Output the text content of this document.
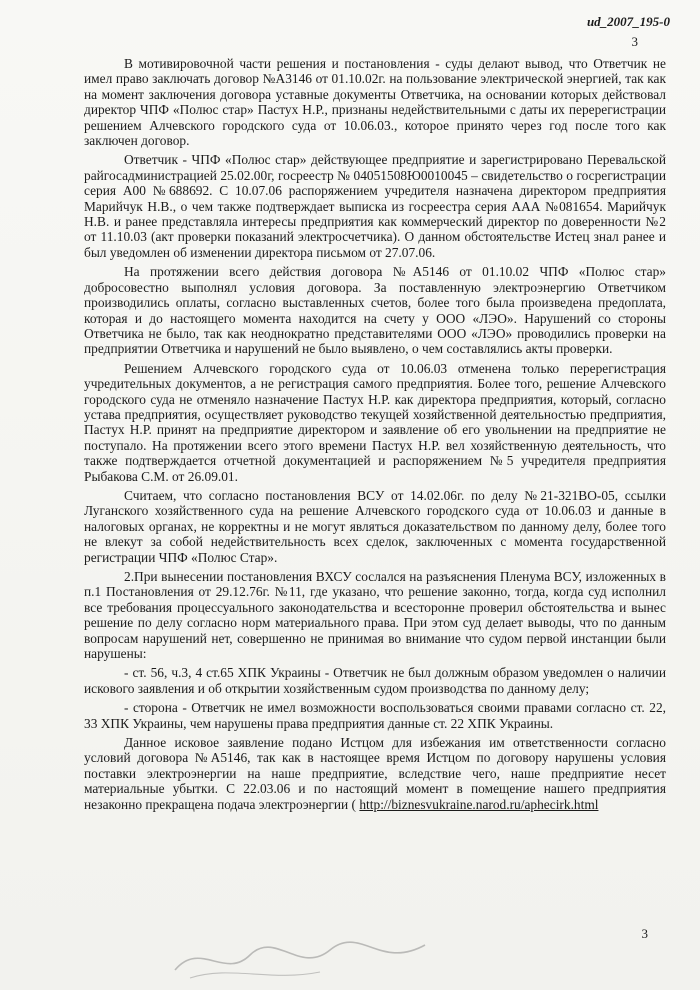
ud_2007_195-0
3

В мотивировочной части решения и постановления - суды делают вывод, что Ответчик не имел право заключать договор №А3146 от 01.10.02г. на пользование электрической энергией, так как на момент заключения договора уставные документы Ответчика, на основании которых действовал директор ЧПФ «Полюс стар» Пастух Н.Р., признаны недействительными с даты их перерегистрации решением Алчевского городского суда от 10.06.03., которое принято через год после того как заключен договор.

Ответчик - ЧПФ «Полюс стар» действующее предприятие и зарегистрировано Перевальской райгосадминистрацией 25.02.00г, госреестр № 04051508Ю0010045 – свидетельство о госрегистрации серия А00 №688692. С 10.07.06 распоряжением учредителя назначена директором предприятия Марийчук Н.В., о чем также подтверждает выписка из госреестра серия ААА №081654. Марийчук Н.В. и ранее представляла интересы предприятия как коммерческий директор по доверенности №2 от 11.10.03 (акт проверки показаний электросчетчика). О данном обстоятельстве Истец знал ранее и был уведомлен об изменении директора письмом от 27.07.06.

На протяжении всего действия договора №А5146 от 01.10.02 ЧПФ «Полюс стар» добросовестно выполнял условия договора. За поставленную электроэнергию Ответчиком производились оплаты, согласно выставленных счетов, более того была произведена предоплата, которая и до настоящего момента находится на счету у ООО «ЛЭО». Нарушений со стороны Ответчика не было, так как неоднократно представителями ООО «ЛЭО» проводились проверки на предприятии Ответчика и нарушений не было выявлено, о чем составлялись акты проверки.

Решением Алчевского городского суда от 10.06.03 отменена только перерегистрация учредительных документов, а не регистрация самого предприятия. Более того, решение Алчевского городского суда не отменяло назначение Пастух Н.Р. как директора предприятия, который, согласно устава предприятия, осуществляет руководство текущей хозяйственной деятельностью предприятия, Пастух Н.Р. принят на предприятие директором и заявление об его увольнении на предприятие не поступало. На протяжении всего этого времени Пастух Н.Р. вел хозяйственную деятельность, что также подтверждается отчетной документацией и распоряжением №5 учредителя предприятия Рыбакова С.М. от 26.09.01.

Считаем, что согласно постановления ВСУ от 14.02.06г. по делу №21-321ВО-05, ссылки Луганского хозяйственного суда на решение Алчевского городского суда от 10.06.03 и данные в налоговых органах, не корректны и не могут являться доказательством по данному делу, более того не влекут за собой недействительность всех сделок, заключенных с момента государственной регистрации ЧПФ «Полюс Стар».

2.При вынесении постановления ВХСУ сослался на разъяснения Пленума ВСУ, изложенных в п.1 Постановления от 29.12.76г. №11, где указано, что решение законно, тогда, когда суд исполнил все требования процессуального законодательства и всесторонне проверил обстоятельства и вынес решение по делу согласно норм материального права. При этом суд делает выводы, что по данным вопросам нарушений нет, совершенно не принимая во внимание что судом первой инстанции были нарушены:

- ст. 56, ч.3, 4 ст.65 ХПК Украины - Ответчик не был должным образом уведомлен о наличии искового заявления и об открытии хозяйственным судом производства по данному делу;

- сторона - Ответчик не имел возможности воспользоваться своими правами согласно ст. 22, 33 ХПК Украины, чем нарушены права предприятия данные ст. 22 ХПК Украины.

Данное исковое заявление подано Истцом для избежания им ответственности согласно условий договора №А5146, так как в настоящее время Истцом по договору нарушены условия поставки электроэнергии на наше предприятие, вследствие чего, наше предприятие несет материальные убытки. С 22.03.06 и по настоящий момент в помещение нашего предприятия незаконно прекращена подача электроэнергии ( http://biznesvukraine.narod.ru/aphecirk.html

3
